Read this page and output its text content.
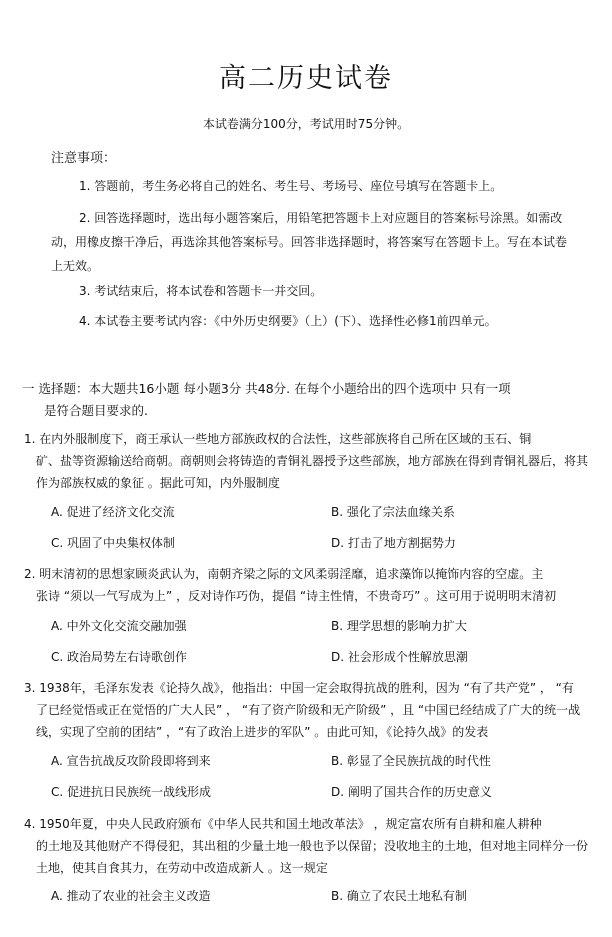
高二历史试卷
本试卷满分100分，考试用时75分钟。
注意事项：
1. 答题前，考生务必将自己的姓名、考生号、考场号、座位号填写在答题卡上。
2. 回答选择题时，选出每小题答案后，用铅笔把答题卡上对应题目的答案标号涂黑。如需改动，用橡皮擦干净后，再选涂其他答案标号。回答非选择题时，将答案写在答题卡上。写在本试卷上无效。
3. 考试结束后，将本试卷和答题卡一并交回。
4. 本试卷主要考试内容：《中外历史纲要》（上）(下）、选择性必修1前四单元。
一 选择题：本大题共16小题 每小题3分 共48分. 在每个小题给出的四个选项中 只有一项
是符合题目要求的.
1. 在内外服制度下，商王承认一些地方部族政权的合法性，这些部族将自己所在区域的玉石、铜
矿、盐等资源输送给商朝。商朝则会将铸造的青铜礼器授予这些部族，地方部族在得到青铜礼器后，将其作为部族权威的象征 。据此可知，内外服制度
A. 促进了经济文化交流	B. 强化了宗法血缘关系
C. 巩固了中央集权体制	D. 打击了地方割据势力
2. 明末清初的思想家顾炎武认为，南朝齐梁之际的文风柔弱淫靡，追求藻饰以掩饰内容的空虚。主
张诗 “须以一气写成为上” ，反对诗作巧伪，提倡 “诗主性情，不贵奇巧” 。这可用于说明明末清初
A. 中外文化交流交融加强	B. 理学思想的影响力扩大
C. 政治局势左右诗歌创作	D. 社会形成个性解放思潮
3. 1938年，毛泽东发表《论持久战》，他指出：中国一定会取得抗战的胜利，因为 “有了共产党” ， “有
了已经觉悟或正在觉悟的广大人民” ， “有了资产阶级和无产阶级” ，且 “中国已经结成了广大的统一战线，实现了空前的团结” ，“有了政治上进步的军队” 。由此可知，《论持久战》的发表
A. 宣告抗战反攻阶段即将到来	B. 彰显了全民族抗战的时代性
C. 促进抗日民族统一战线形成	D. 阐明了国共合作的历史意义
4. 1950年夏，中央人民政府颁布《中华人民共和国土地改革法》 ，规定富农所有自耕和雇人耕种
的土地及其他财产不得侵犯，其出租的少量土地一般也予以保留；没收地主的土地，但对地主同样分一份土地，使其自食其力，在劳动中改造成新人 。这一规定
A. 推动了农业的社会主义改造	B. 确立了农民土地私有制
